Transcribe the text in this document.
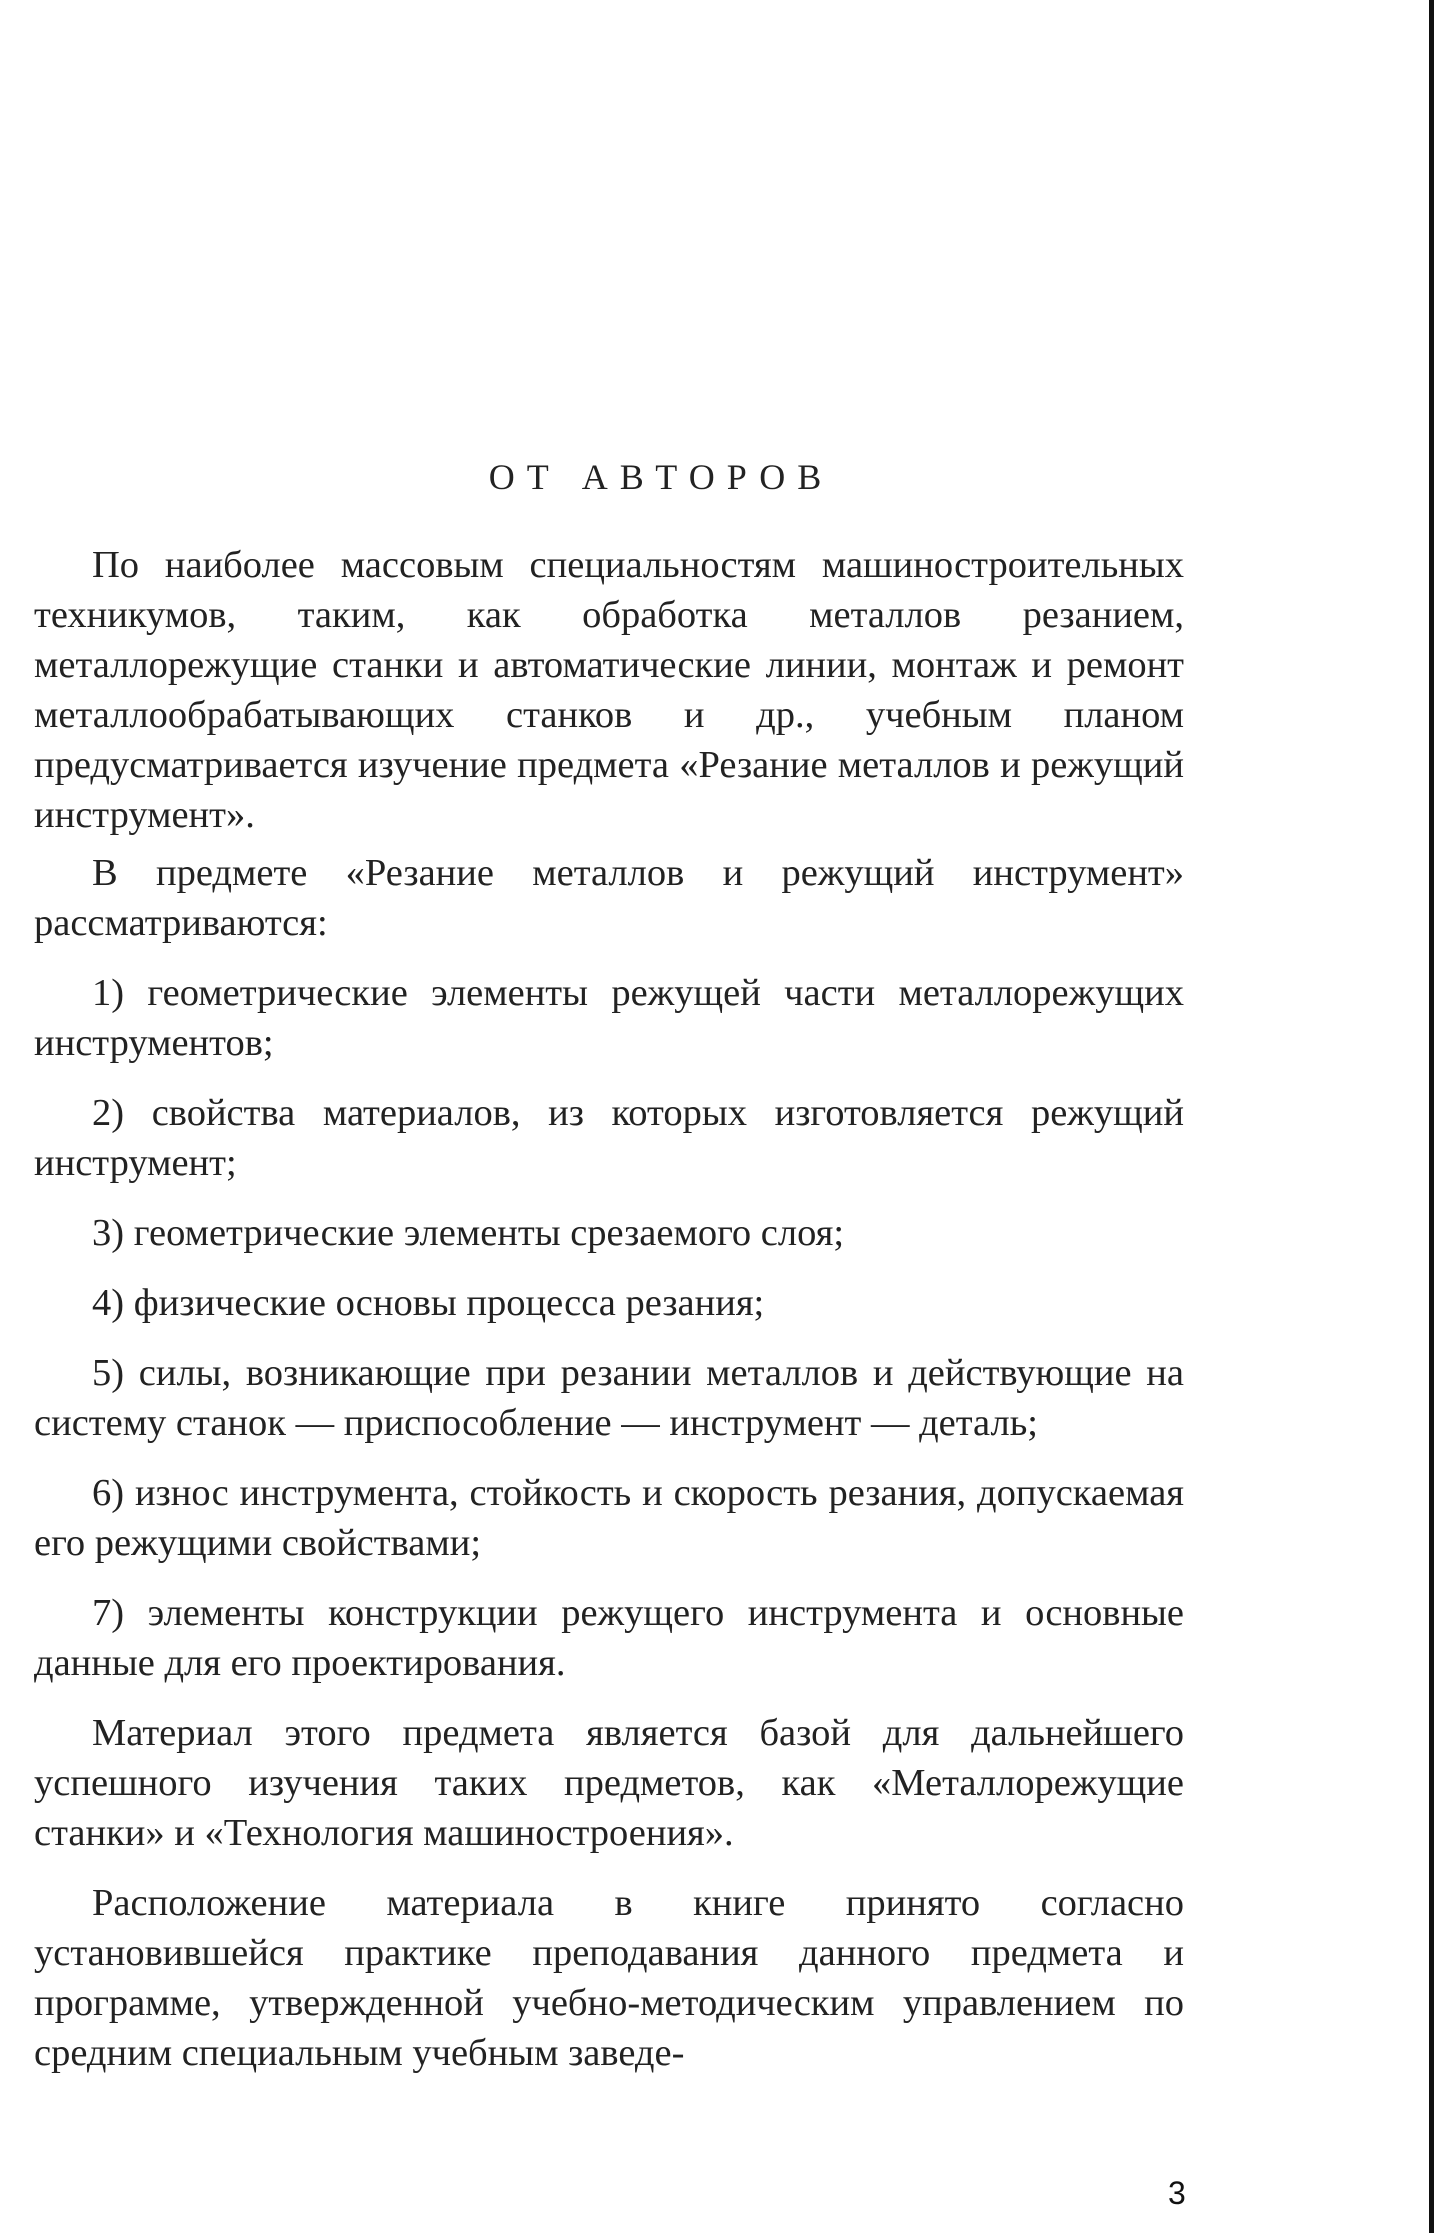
ОТ АВТОРОВ

По наиболее массовым специальностям машиностроительных техникумов, таким, как обработка металлов резанием, металлорежущие станки и автоматические линии, монтаж и ремонт металлообрабатывающих станков и др., учебным планом предусматривается изучение предмета «Резание металлов и режущий инструмент».

В предмете «Резание металлов и режущий инструмент» рассматриваются:

1) геометрические элементы режущей части металлорежущих инструментов;

2) свойства материалов, из которых изготовляется режущий инструмент;

3) геометрические элементы срезаемого слоя;

4) физические основы процесса резания;

5) силы, возникающие при резании металлов и действующие на систему станок — приспособление — инструмент — деталь;

6) износ инструмента, стойкость и скорость резания, допускаемая его режущими свойствами;

7) элементы конструкции режущего инструмента и основные данные для его проектирования.

Материал этого предмета является базой для дальнейшего успешного изучения таких предметов, как «Металлорежущие станки» и «Технология машиностроения».

Расположение материала в книге принято согласно установившейся практике преподавания данного предмета и программе, утвержденной учебно-методическим управлением по средним специальным учебным заведе-

3
